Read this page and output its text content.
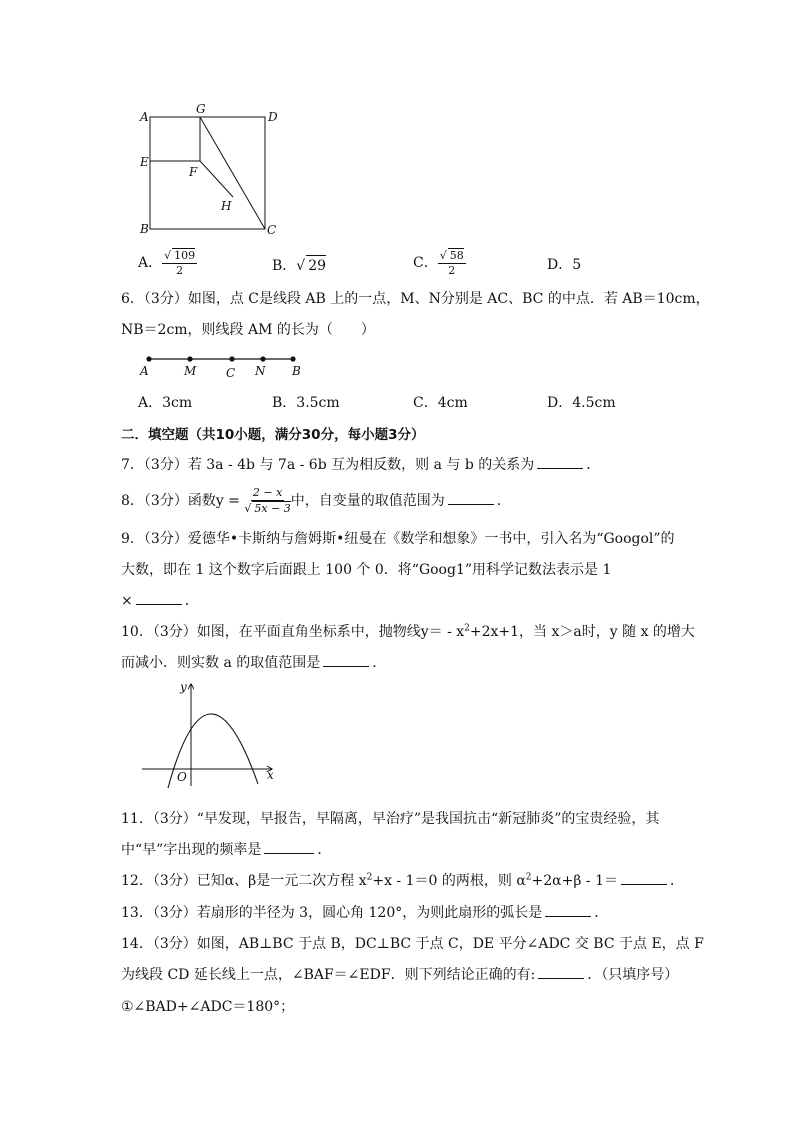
A
G
D
E
F
H
B	C
A． $\frac{√ 109}{2}$	B．√ 29	C． $\frac{√ 58}{2}$	D．5
6．（3分）如图，点 C是线段 AB 上的一点，M、N分别是 AC、BC 的中点．若 AB＝10cm，
NB＝2cm，则线段 AM 的长为（　　）
A	M C N B
A．3cm	B．3.5cm	C．4cm	D．4.5cm
二．填空题（共10小题，满分30分，每小题3分）
7．（3分）若 3a - 4b 与 7a - 6b 互为相反数，则 a 与 b 的关系为	．
8．（3分）函数$y = \frac{2 - x}{√ 5x - 3}$ 中，自变量的取值范围为	．
9．（3分）爱德华•卡斯纳与詹姆斯•纽曼在《数学和想象》一书中，引入名为“Googol”的
大数，即在 1 这个数字后面跟上 100 个 0．将“Goog1”用科学记数法表示是 1
×	．
10．（3分）如图，在平面直角坐标系中，抛物线$y= - x^2+2x+1$，当 x＞a时，y 随 x 的增大
而减小．则实数 a 的取值范围是	．
y
x
O
11．（3分）“早发现，早报告，早隔离，早治疗”是我国抗击“新冠肺炎”的宝贵经验，其
中“早”字出现的频率是	．
12．（3分）已知α、β是一元二次方程 $x^2+x - 1=0$ 的两根，则 $\alpha^2+2\alpha+\beta - 1=$	．
13．（3分）若扇形的半径为 3，圆心角 120°，为则此扇形的弧长是	．
14．（3分）如图，AB⊥BC 于点 B，DC⊥BC 于点 C，DE 平分∠ADC 交 BC 于点 E，点 F
为线段 CD 延长线上一点，∠BAF＝∠EDF．则下列结论正确的有:	．（只填序号）
①∠BAD+∠ADC＝180°；
